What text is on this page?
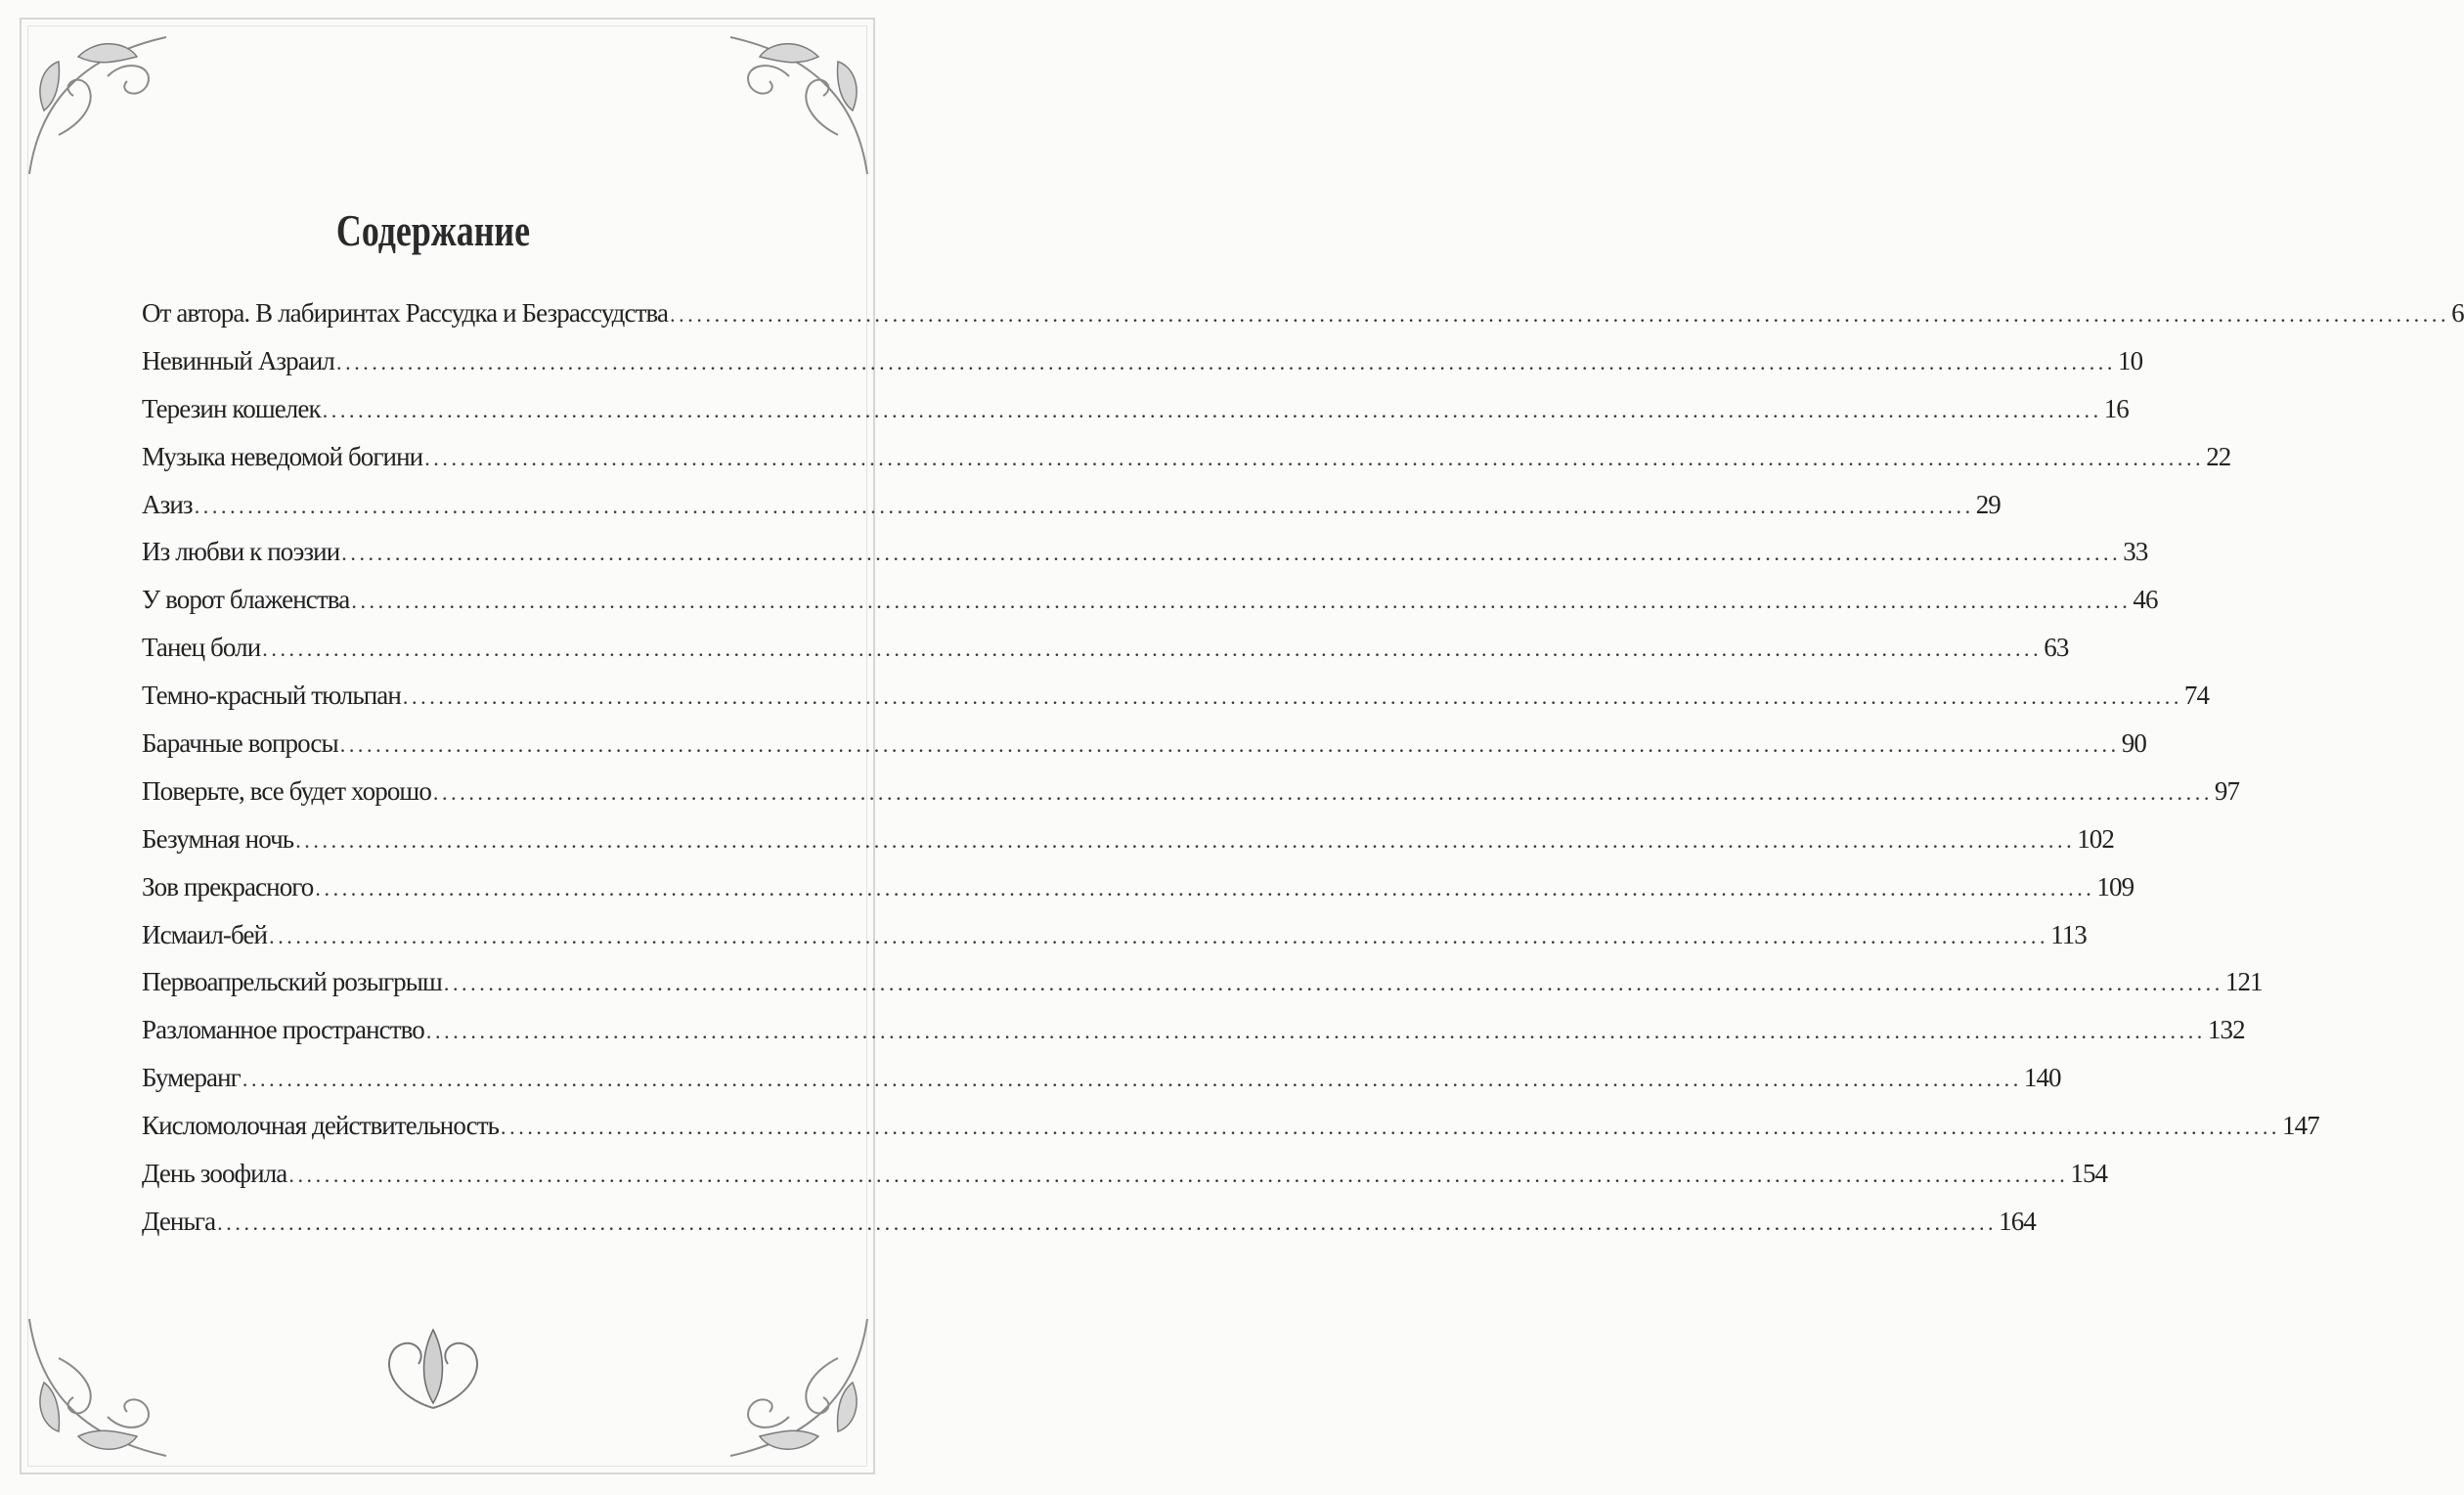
Содержание
От автора. В лабиринтах Рассудка и Безрассудства ........................................................................................................................................................................................................ 6
Невинный Азраил ........................................................................................................................................................................................................ 10
Терезин кошелек ........................................................................................................................................................................................................ 16
Музыка неведомой богини ........................................................................................................................................................................................................ 22
Азиз ........................................................................................................................................................................................................ 29
Из любви к поэзии ........................................................................................................................................................................................................ 33
У ворот блаженства ........................................................................................................................................................................................................ 46
Танец боли ........................................................................................................................................................................................................ 63
Темно-красный тюльпан ........................................................................................................................................................................................................ 74
Барачные вопросы ........................................................................................................................................................................................................ 90
Поверьте, все будет хорошо ........................................................................................................................................................................................................ 97
Безумная ночь ........................................................................................................................................................................................................ 102
Зов прекрасного ........................................................................................................................................................................................................ 109
Исмаил-бей ........................................................................................................................................................................................................ 113
Первоапрельский розыгрыш ........................................................................................................................................................................................................ 121
Разломанное пространство ........................................................................................................................................................................................................ 132
Бумеранг ........................................................................................................................................................................................................ 140
Кисломолочная действительность ........................................................................................................................................................................................................ 147
День зоофила ........................................................................................................................................................................................................ 154
Деньга ........................................................................................................................................................................................................ 164
